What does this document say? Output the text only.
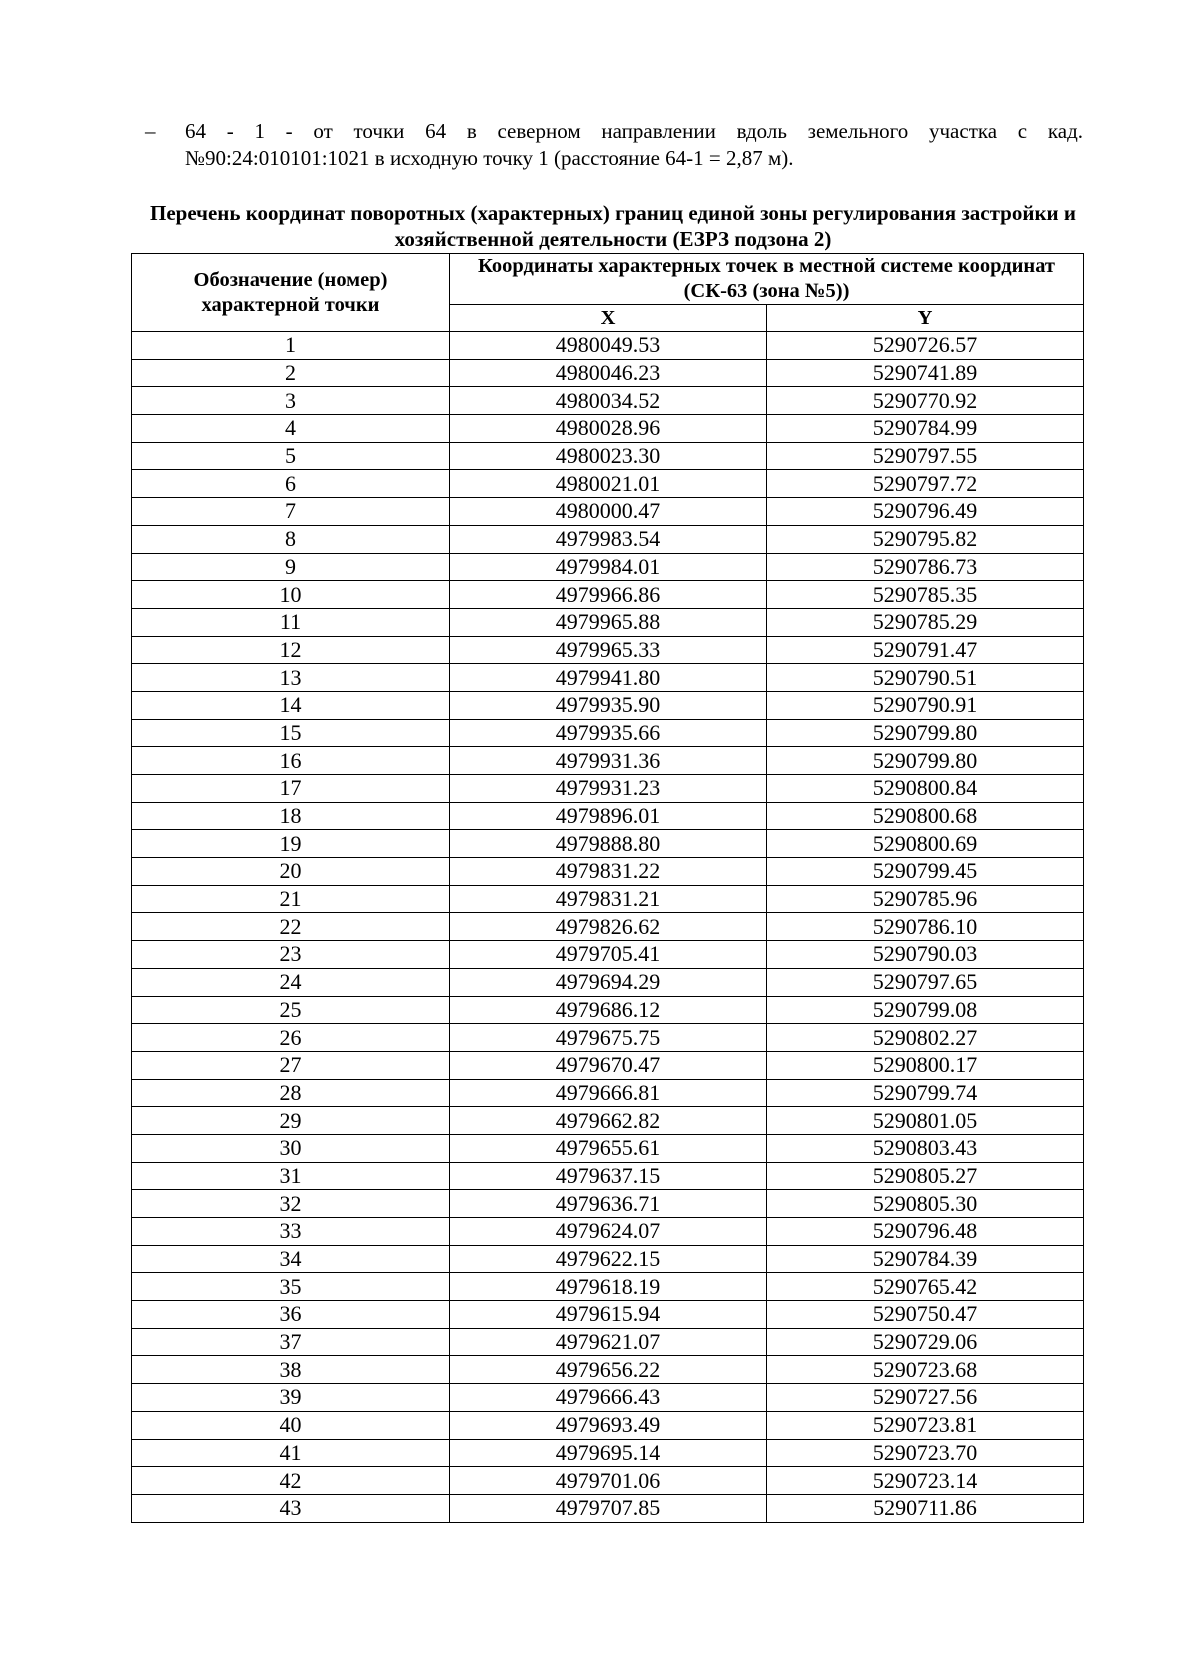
– 64 - 1 - от точки 64 в северном направлении вдоль земельного участка с кад.
№90:24:010101:1021 в исходную точку 1 (расстояние 64-1 = 2,87 м).
Перечень координат поворотных (характерных) границ единой зоны регулирования застройки и хозяйственной деятельности (ЕЗРЗ подзона 2)
Обозначение (номер) характерной точки	Координаты характерных точек в местной системе координат (СК-63 (зона №5))	
	X	Y
1	4980049.53	5290726.57
2	4980046.23	5290741.89
3	4980034.52	5290770.92
4	4980028.96	5290784.99
5	4980023.30	5290797.55
6	4980021.01	5290797.72
7	4980000.47	5290796.49
8	4979983.54	5290795.82
9	4979984.01	5290786.73
10	4979966.86	5290785.35
11	4979965.88	5290785.29
12	4979965.33	5290791.47
13	4979941.80	5290790.51
14	4979935.90	5290790.91
15	4979935.66	5290799.80
16	4979931.36	5290799.80
17	4979931.23	5290800.84
18	4979896.01	5290800.68
19	4979888.80	5290800.69
20	4979831.22	5290799.45
21	4979831.21	5290785.96
22	4979826.62	5290786.10
23	4979705.41	5290790.03
24	4979694.29	5290797.65
25	4979686.12	5290799.08
26	4979675.75	5290802.27
27	4979670.47	5290800.17
28	4979666.81	5290799.74
29	4979662.82	5290801.05
30	4979655.61	5290803.43
31	4979637.15	5290805.27
32	4979636.71	5290805.30
33	4979624.07	5290796.48
34	4979622.15	5290784.39
35	4979618.19	5290765.42
36	4979615.94	5290750.47
37	4979621.07	5290729.06
38	4979656.22	5290723.68
39	4979666.43	5290727.56
40	4979693.49	5290723.81
41	4979695.14	5290723.70
42	4979701.06	5290723.14
43	4979707.85	5290711.86
